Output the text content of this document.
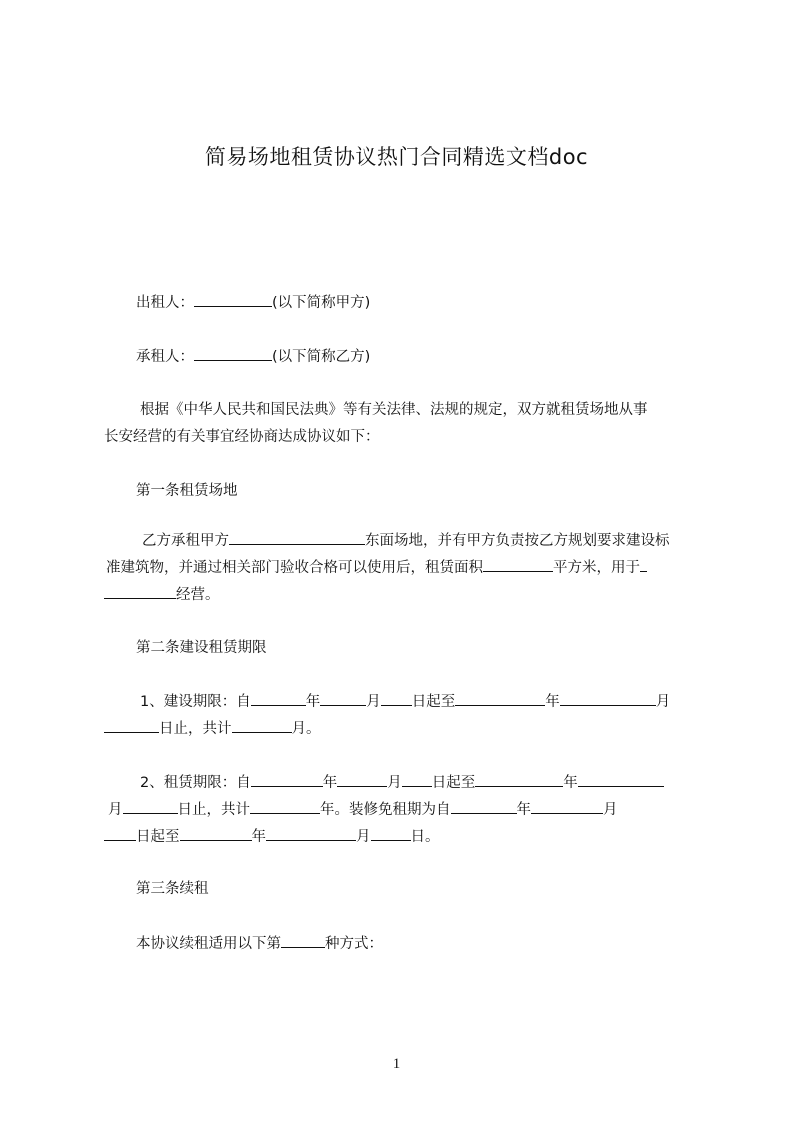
简易场地租赁协议热门合同精选文档doc
出租人：	(以下简称甲方)
承租人：	(以下简称乙方)
根据《中华人民共和国民法典》等有关法律、法规的规定，双方就租赁场地从事
长安经营的有关事宜经协商达成协议如下：
第一条租赁场地
乙方承租甲方	东面场地，并有甲方负责按乙方规划要求建设标
准建筑物，并通过相关部门验收合格可以使用后，租赁面积	平方米，用于
经营。
第二条建设租赁期限
1、建设期限：自	年	月 日起至	年	月
日止，共计	月。
2、租赁期限：自	年	月 日起至	年
月	日止，共计	年。装修免租期为自	年	月
日起至	年	月	日。
第三条续租
本协议续租适用以下第	种方式：
1
